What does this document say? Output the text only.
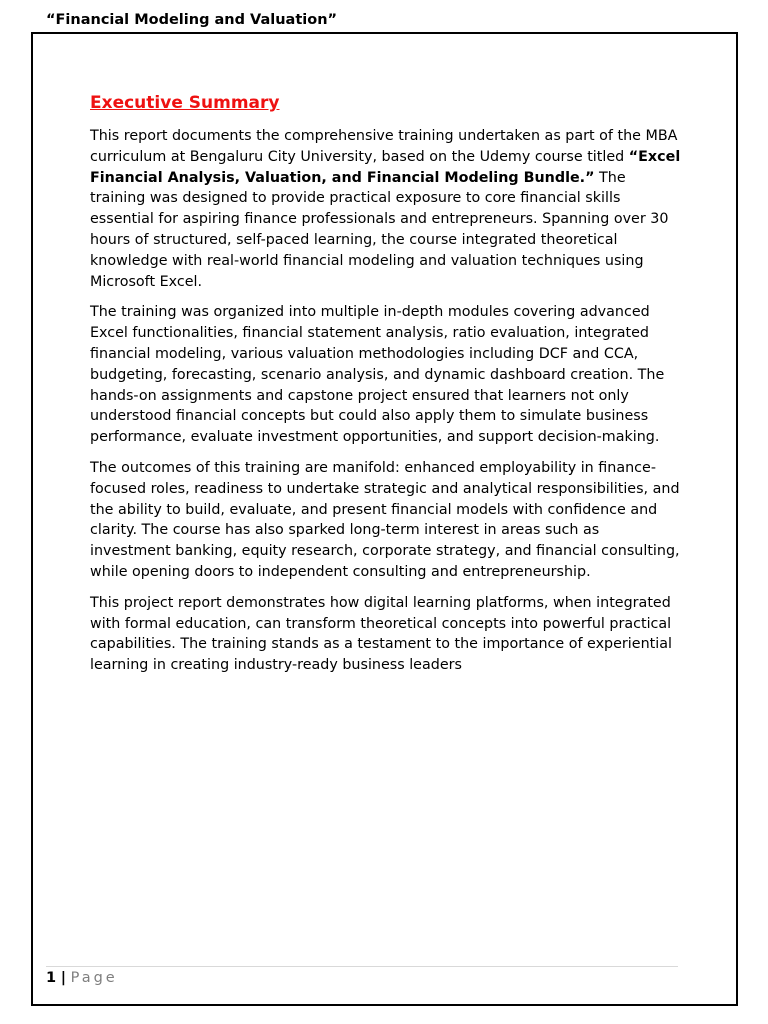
“Financial Modeling and Valuation”
Executive Summary

This report documents the comprehensive training undertaken as part of the MBA curriculum at Bengaluru City University, based on the Udemy course titled “Excel Financial Analysis, Valuation, and Financial Modeling Bundle.” The training was designed to provide practical exposure to core financial skills essential for aspiring finance professionals and entrepreneurs. Spanning over 30 hours of structured, self-paced learning, the course integrated theoretical knowledge with real-world financial modeling and valuation techniques using Microsoft Excel.

The training was organized into multiple in-depth modules covering advanced Excel functionalities, financial statement analysis, ratio evaluation, integrated financial modeling, various valuation methodologies including DCF and CCA, budgeting, forecasting, scenario analysis, and dynamic dashboard creation. The hands-on assignments and capstone project ensured that learners not only understood financial concepts but could also apply them to simulate business performance, evaluate investment opportunities, and support decision-making.

The outcomes of this training are manifold: enhanced employability in finance-focused roles, readiness to undertake strategic and analytical responsibilities, and the ability to build, evaluate, and present financial models with confidence and clarity. The course has also sparked long-term interest in areas such as investment banking, equity research, corporate strategy, and financial consulting, while opening doors to independent consulting and entrepreneurship.

This project report demonstrates how digital learning platforms, when integrated with formal education, can transform theoretical concepts into powerful practical capabilities. The training stands as a testament to the importance of experiential learning in creating industry-ready business leaders

1 | Page
